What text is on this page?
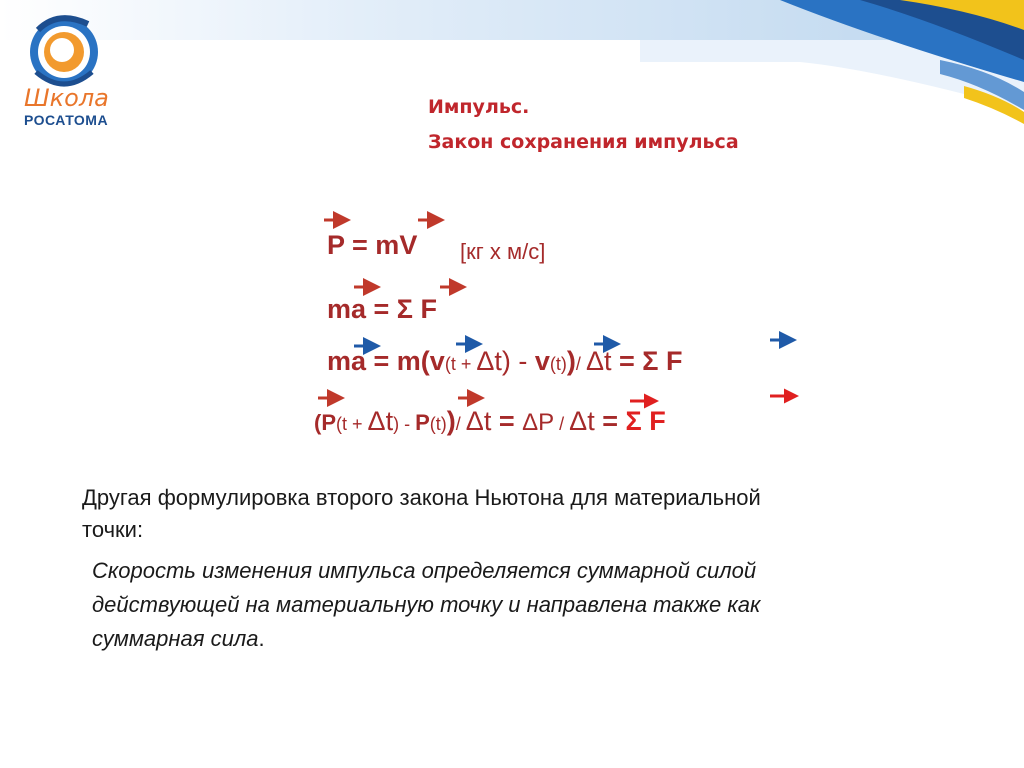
+
Школа
РОСАТОМА
Импульс.
Закон сохранения импульса
P = mV [кг х м/с]
ma = Σ F
ma = m(v(t + Δt) - v(t))/ Δt = Σ F
(P(t + Δt) - P(t))/ Δt = ΔP / Δt = Σ F
Другая формулировка второго закона Ньютона для материальной
точки:
Скорость изменения импульса определяется суммарной силой
действующей на материальную точку и направлена также как
суммарная сила.
